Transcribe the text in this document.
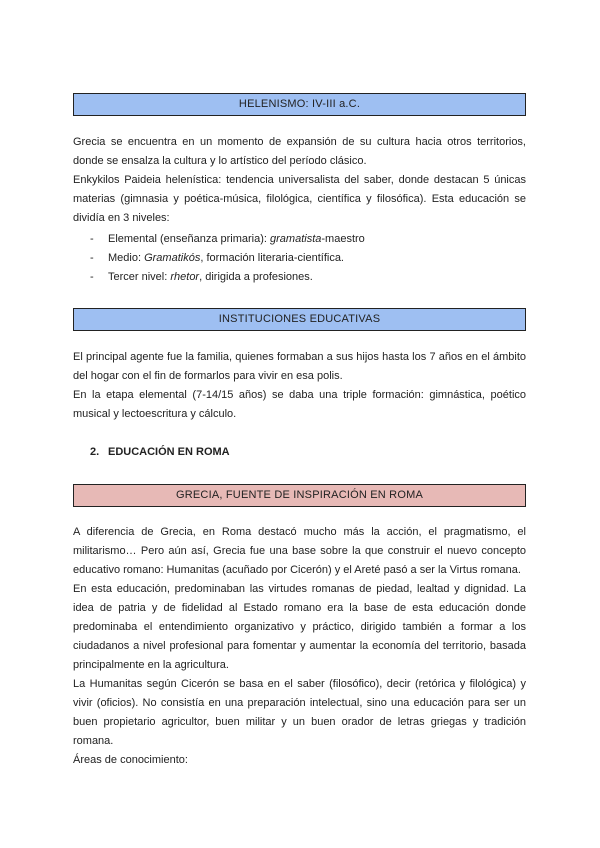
HELENISMO: IV-III a.C.

Grecia se encuentra en un momento de expansión de su cultura hacia otros territorios, donde se ensalza la cultura y lo artístico del período clásico.

Enkykilos Paideia helenística: tendencia universalista del saber, donde destacan 5 únicas materias (gimnasia y poética-música, filológica, científica y filosófica). Esta educación se dividía en 3 niveles:

- Elemental (enseñanza primaria): gramatista-maestro
- Medio: Gramatikós, formación literaria-científica.
- Tercer nivel: rhetor, dirigida a profesiones.
INSTITUCIONES EDUCATIVAS

El principal agente fue la familia, quienes formaban a sus hijos hasta los 7 años en el ámbito del hogar con el fin de formarlos para vivir en esa polis.

En la etapa elemental (7-14/15 años) se daba una triple formación: gimnástica, poético musical y lectoescritura y cálculo.

2. EDUCACIÓN EN ROMA
GRECIA, FUENTE DE INSPIRACIÓN EN ROMA

A diferencia de Grecia, en Roma destacó mucho más la acción, el pragmatismo, el militarismo… Pero aún así, Grecia fue una base sobre la que construir el nuevo concepto educativo romano: Humanitas (acuñado por Cicerón) y el Areté pasó a ser la Virtus romana.

En esta educación, predominaban las virtudes romanas de piedad, lealtad y dignidad. La idea de patria y de fidelidad al Estado romano era la base de esta educación donde predominaba el entendimiento organizativo y práctico, dirigido también a formar a los ciudadanos a nivel profesional para fomentar y aumentar la economía del territorio, basada principalmente en la agricultura.

La Humanitas según Cicerón se basa en el saber (filosófico), decir (retórica y filológica) y vivir (oficios). No consistía en una preparación intelectual, sino una educación para ser un buen propietario agricultor, buen militar y un buen orador de letras griegas y tradición romana.

Áreas de conocimiento:
